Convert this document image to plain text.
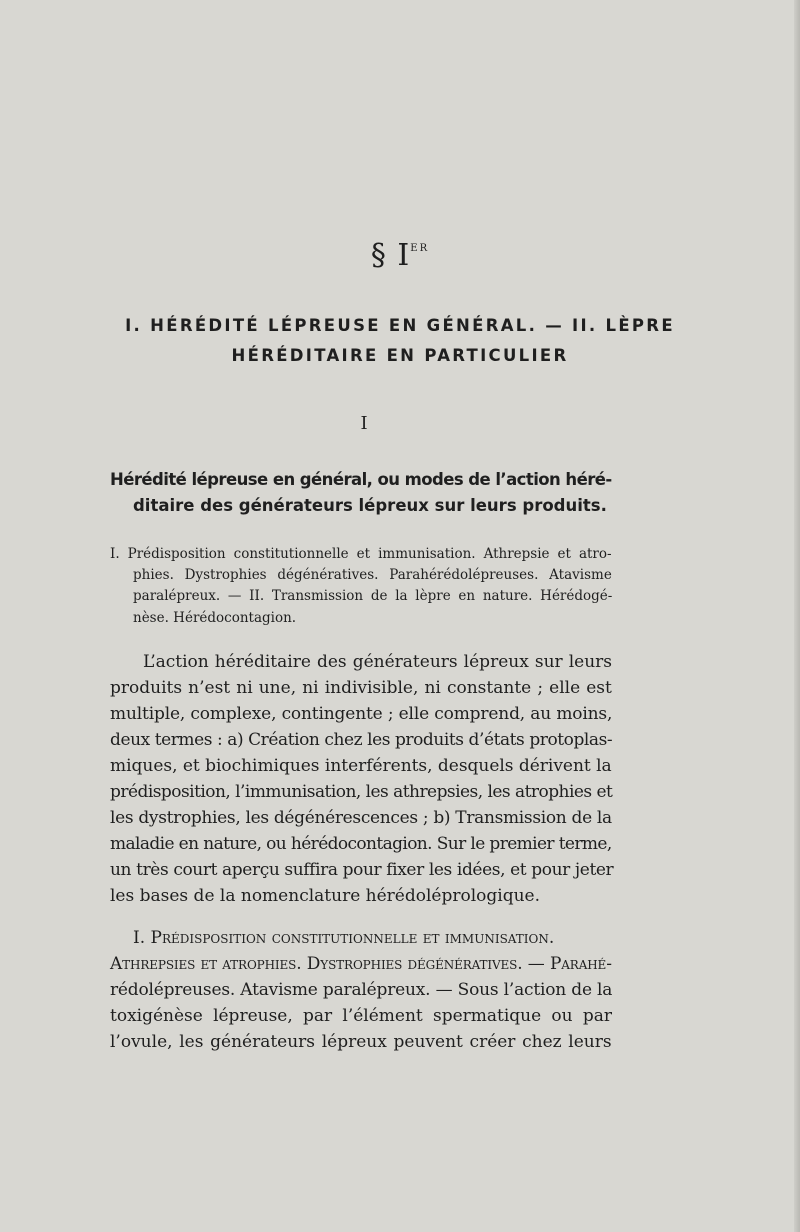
§ IER
I. HÉRÉDITÉ LÉPREUSE EN GÉNÉRAL. — II. LÈPRE
HÉRÉDITAIRE EN PARTICULIER
I
Hérédité lépreuse en général, ou modes de l’action héré-
ditaire des générateurs lépreux sur leurs produits.
I. Prédisposition constitutionnelle et immunisation. Athrepsie et atro-
phies. Dystrophies dégénératives. Parahérédolépreuses. Atavisme
paralépreux. — II. Transmission de la lèpre en nature. Hérédogé-
nèse. Hérédocontagion.
L’action héréditaire des générateurs lépreux sur leurs
produits n’est ni une, ni indivisible, ni constante ; elle est
multiple, complexe, contingente ; elle comprend, au moins,
deux termes : a) Création chez les produits d’états protoplas-
miques, et biochimiques interférents, desquels dérivent la
prédisposition, l’immunisation, les athrepsies, les atrophies et
les dystrophies, les dégénérescences ; b) Transmission de la
maladie en nature, ou hérédocontagion. Sur le premier terme,
un très court aperçu suffira pour fixer les idées, et pour jeter
les bases de la nomenclature hérédoléprologique.
I. Prédisposition constitutionnelle et immunisation.
Athrepsies et atrophies. Dystrophies dégénératives. — Parahé-
rédolépreuses. Atavisme paralépreux. — Sous l’action de la
toxigénèse lépreuse, par l’élément spermatique ou par
l’ovule, les générateurs lépreux peuvent créer chez leurs
